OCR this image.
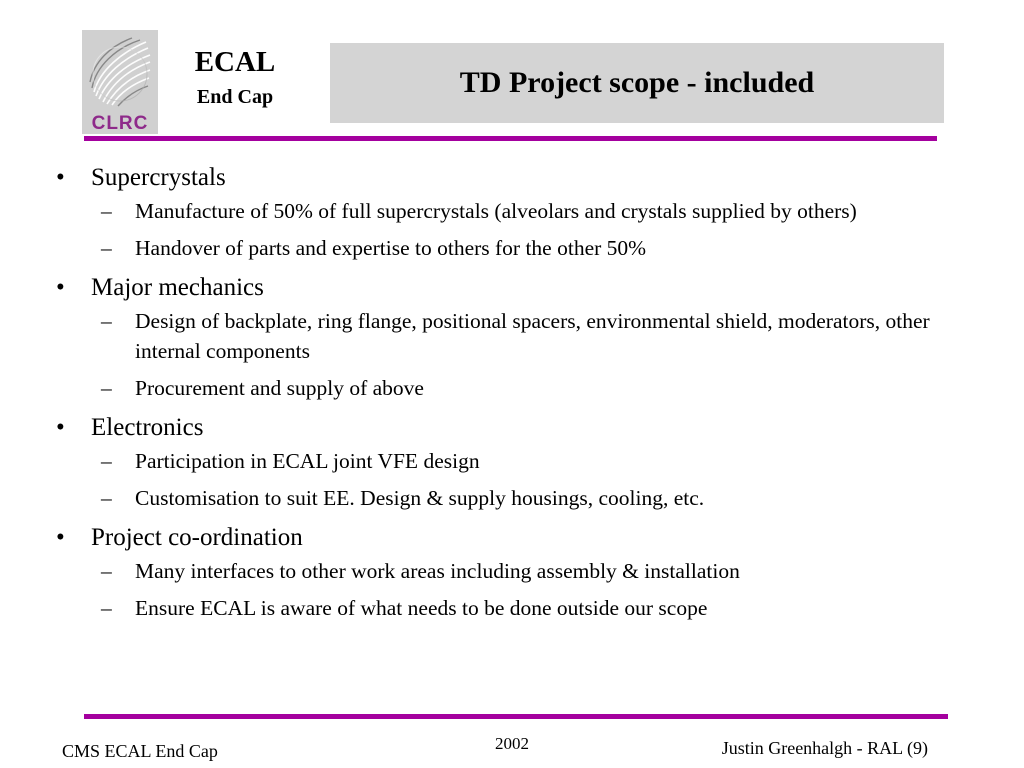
CLRC
ECAL
End Cap	TD Project scope - included
•	Supercrystals
–	Manufacture of 50% of full supercrystals (alveolars and crystals supplied by others)
–	Handover of parts and expertise to others for the other 50%
•	Major mechanics
–	Design of backplate, ring flange, positional spacers, environmental shield, moderators, other internal components
–	Procurement and supply of above
•	Electronics
–	Participation in ECAL joint VFE design
–	Customisation to suit EE. Design & supply housings, cooling, etc.
•	Project co-ordination
–	Many interfaces to other work areas including assembly & installation
–	Ensure ECAL is aware of what needs to be done outside our scope
CMS ECAL End Cap	2002	Justin Greenhalgh - RAL (9)
